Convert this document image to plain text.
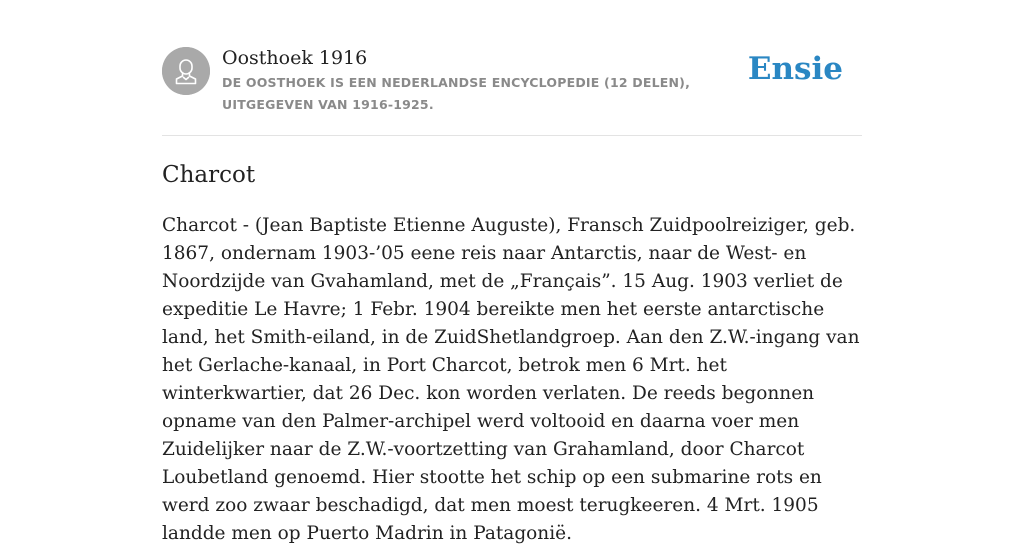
Oosthoek 1916
DE OOSTHOEK IS EEN NEDERLANDSE ENCYCLOPEDIE (12 DELEN), UITGEGEVEN VAN 1916-1925.
Ensie
Charcot

Charcot - (Jean Baptiste Etienne Auguste), Fransch Zuidpoolreiziger, geb. 1867, ondernam 1903-’05 eene reis naar Antarctis, naar de West- en Noordzijde van Gvahamland, met de „Français”. 15 Aug. 1903 verliet de expeditie Le Havre; 1 Febr. 1904 bereikte men het eerste antarctische land, het Smith-eiland, in de ZuidShetlandgroep. Aan den Z.W.-ingang van het Gerlache-kanaal, in Port Charcot, betrok men 6 Mrt. het winterkwartier, dat 26 Dec. kon worden verlaten. De reeds begonnen opname van den Palmer-archipel werd voltooid en daarna voer men Zuidelijker naar de Z.W.-voortzetting van Grahamland, door Charcot Loubetland genoemd. Hier stootte het schip op een submarine rots en werd zoo zwaar beschadigd, dat men moest terugkeeren. 4 Mrt. 1905 landde men op Puerto Madrin in Patagonië.
